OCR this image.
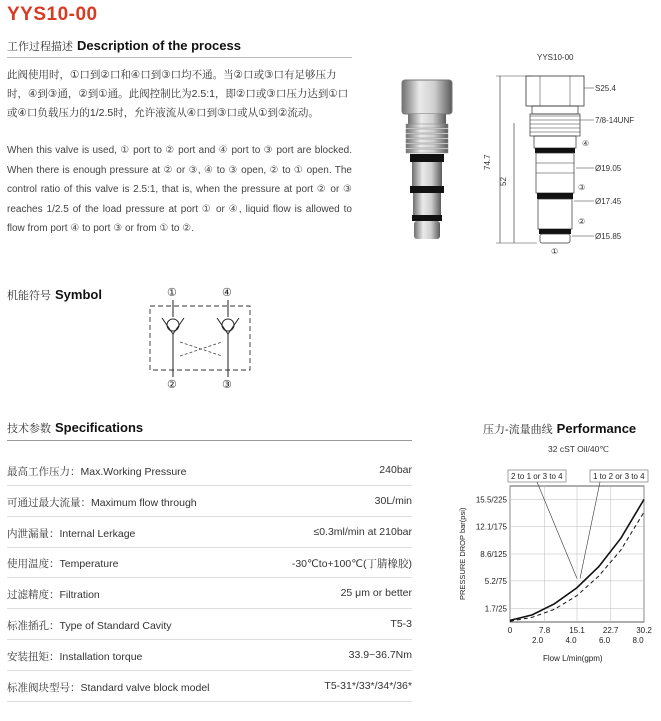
YYS10-00
工作过程描述 Description of the process
此阀使用时，①口到②口和④口到③口均不通。当②口或③口有足够压力时，④到③通，②到①通。此阀控制比为2.5:1，即②口或③口压力达到①口或④口负载压力的1/2.5时，允许液流从④口到③口或从①到②流动。
When this valve is used, ① port to ② port and ④ port to ③ port are blocked. When there is enough pressure at ② or ③, ④ to ③ open, ② to ① open. The control ratio of this valve is 2.5:1, that is, when the pressure at port ② or ③ reaches 1/2.5 of the load pressure at port ① or ④, liquid flow is allowed to flow from port ④ to port ③ or from ① to ②.
YYS10-00
74.7
52
S25.4
7/8-14UNF
Ø19.05
Ø17.45
Ø15.85
④
③
②
①
机能符号 Symbol	①	④
②	③
技术参数 Specifications
最高工作压力：Max.Working Pressure	240bar
可通过最大流量：Maximum flow through	30L/min
内泄漏量：Internal Lerkage	≤0.3ml/min at 210bar
使用温度：Temperature	-30℃to+100℃(丁腈橡胶)
过滤精度：Filtration	25 μm or better
标准插孔：Type of Standard Cavity	T5-3
安装扭矩：Installation torque	33.9~36.7Nm
标准阀块型号：Standard valve block model	T5-31*/33*/34*/36*
压力-流量曲线 Performance
32 cST Oil/40℃
2 to 1 or 3 to 4	1 to 2 or 3 to 4
PRESSURE DROP bar(psi)
Flow L/min(gpm)
1.7/25
5.2/75
8.6/125
12.1/175
15.5/225
0	7.8 15.1 22.7 30.2
2.0	4.0	6.0	8.0
